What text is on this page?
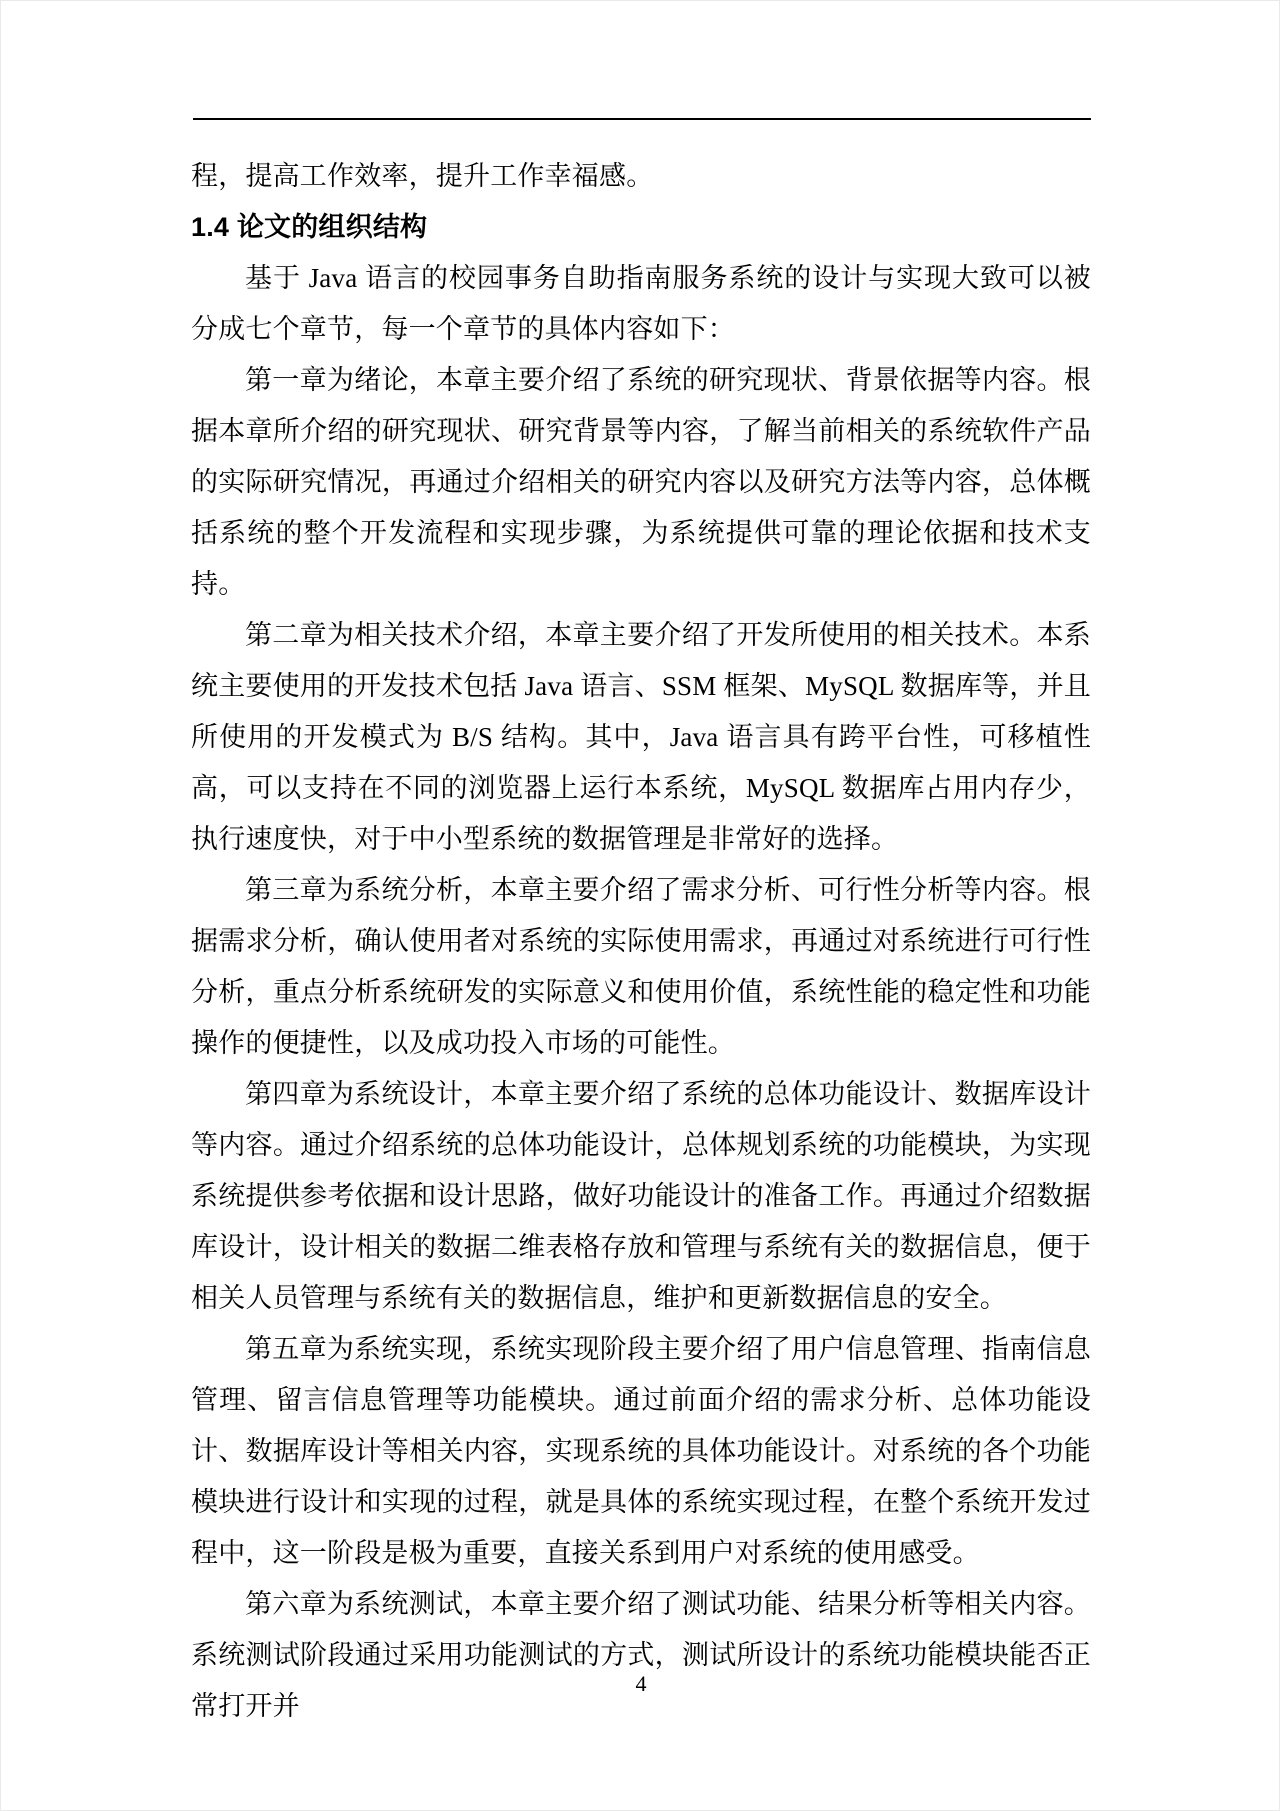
程，提高工作效率，提升工作幸福感。

1.4 论文的组织结构

基于 Java 语言的校园事务自助指南服务系统的设计与实现大致可以被分成七个章节，每一个章节的具体内容如下：

第一章为绪论，本章主要介绍了系统的研究现状、背景依据等内容。根据本章所介绍的研究现状、研究背景等内容，了解当前相关的系统软件产品的实际研究情况，再通过介绍相关的研究内容以及研究方法等内容，总体概括系统的整个开发流程和实现步骤，为系统提供可靠的理论依据和技术支持。

第二章为相关技术介绍，本章主要介绍了开发所使用的相关技术。本系统主要使用的开发技术包括 Java 语言、SSM 框架、MySQL 数据库等，并且所使用的开发模式为 B/S 结构。其中，Java 语言具有跨平台性，可移植性高，可以支持在不同的浏览器上运行本系统，MySQL 数据库占用内存少，执行速度快，对于中小型系统的数据管理是非常好的选择。

第三章为系统分析，本章主要介绍了需求分析、可行性分析等内容。根据需求分析，确认使用者对系统的实际使用需求，再通过对系统进行可行性分析，重点分析系统研发的实际意义和使用价值，系统性能的稳定性和功能操作的便捷性，以及成功投入市场的可能性。

第四章为系统设计，本章主要介绍了系统的总体功能设计、数据库设计等内容。通过介绍系统的总体功能设计，总体规划系统的功能模块，为实现系统提供参考依据和设计思路，做好功能设计的准备工作。再通过介绍数据库设计，设计相关的数据二维表格存放和管理与系统有关的数据信息，便于相关人员管理与系统有关的数据信息，维护和更新数据信息的安全。

第五章为系统实现，系统实现阶段主要介绍了用户信息管理、指南信息管理、留言信息管理等功能模块。通过前面介绍的需求分析、总体功能设计、数据库设计等相关内容，实现系统的具体功能设计。对系统的各个功能模块进行设计和实现的过程，就是具体的系统实现过程，在整个系统开发过程中，这一阶段是极为重要，直接关系到用户对系统的使用感受。

第六章为系统测试，本章主要介绍了测试功能、结果分析等相关内容。系统测试阶段通过采用功能测试的方式，测试所设计的系统功能模块能否正常打开并

4
